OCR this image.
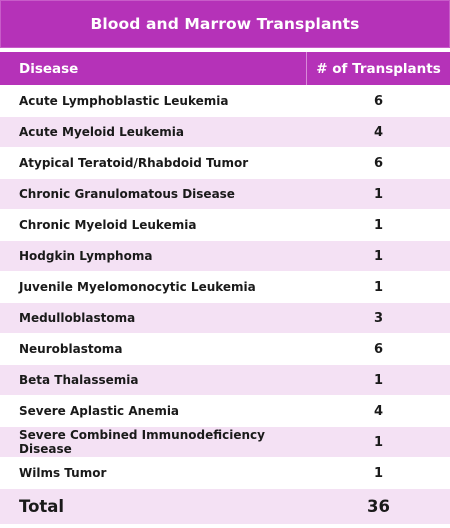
Blood and Marrow Transplants
Disease	# of Transplants
Acute Lymphoblastic Leukemia	6
Acute Myeloid Leukemia	4
Atypical Teratoid/Rhabdoid Tumor	6
Chronic Granulomatous Disease	1
Chronic Myeloid Leukemia	1
Hodgkin Lymphoma	1
Juvenile Myelomonocytic Leukemia	1
Medulloblastoma	3
Neuroblastoma	6
Beta Thalassemia	1
Severe Aplastic Anemia	4
Severe Combined Immunodeficiency Disease	1
Wilms Tumor	1
Total	36
